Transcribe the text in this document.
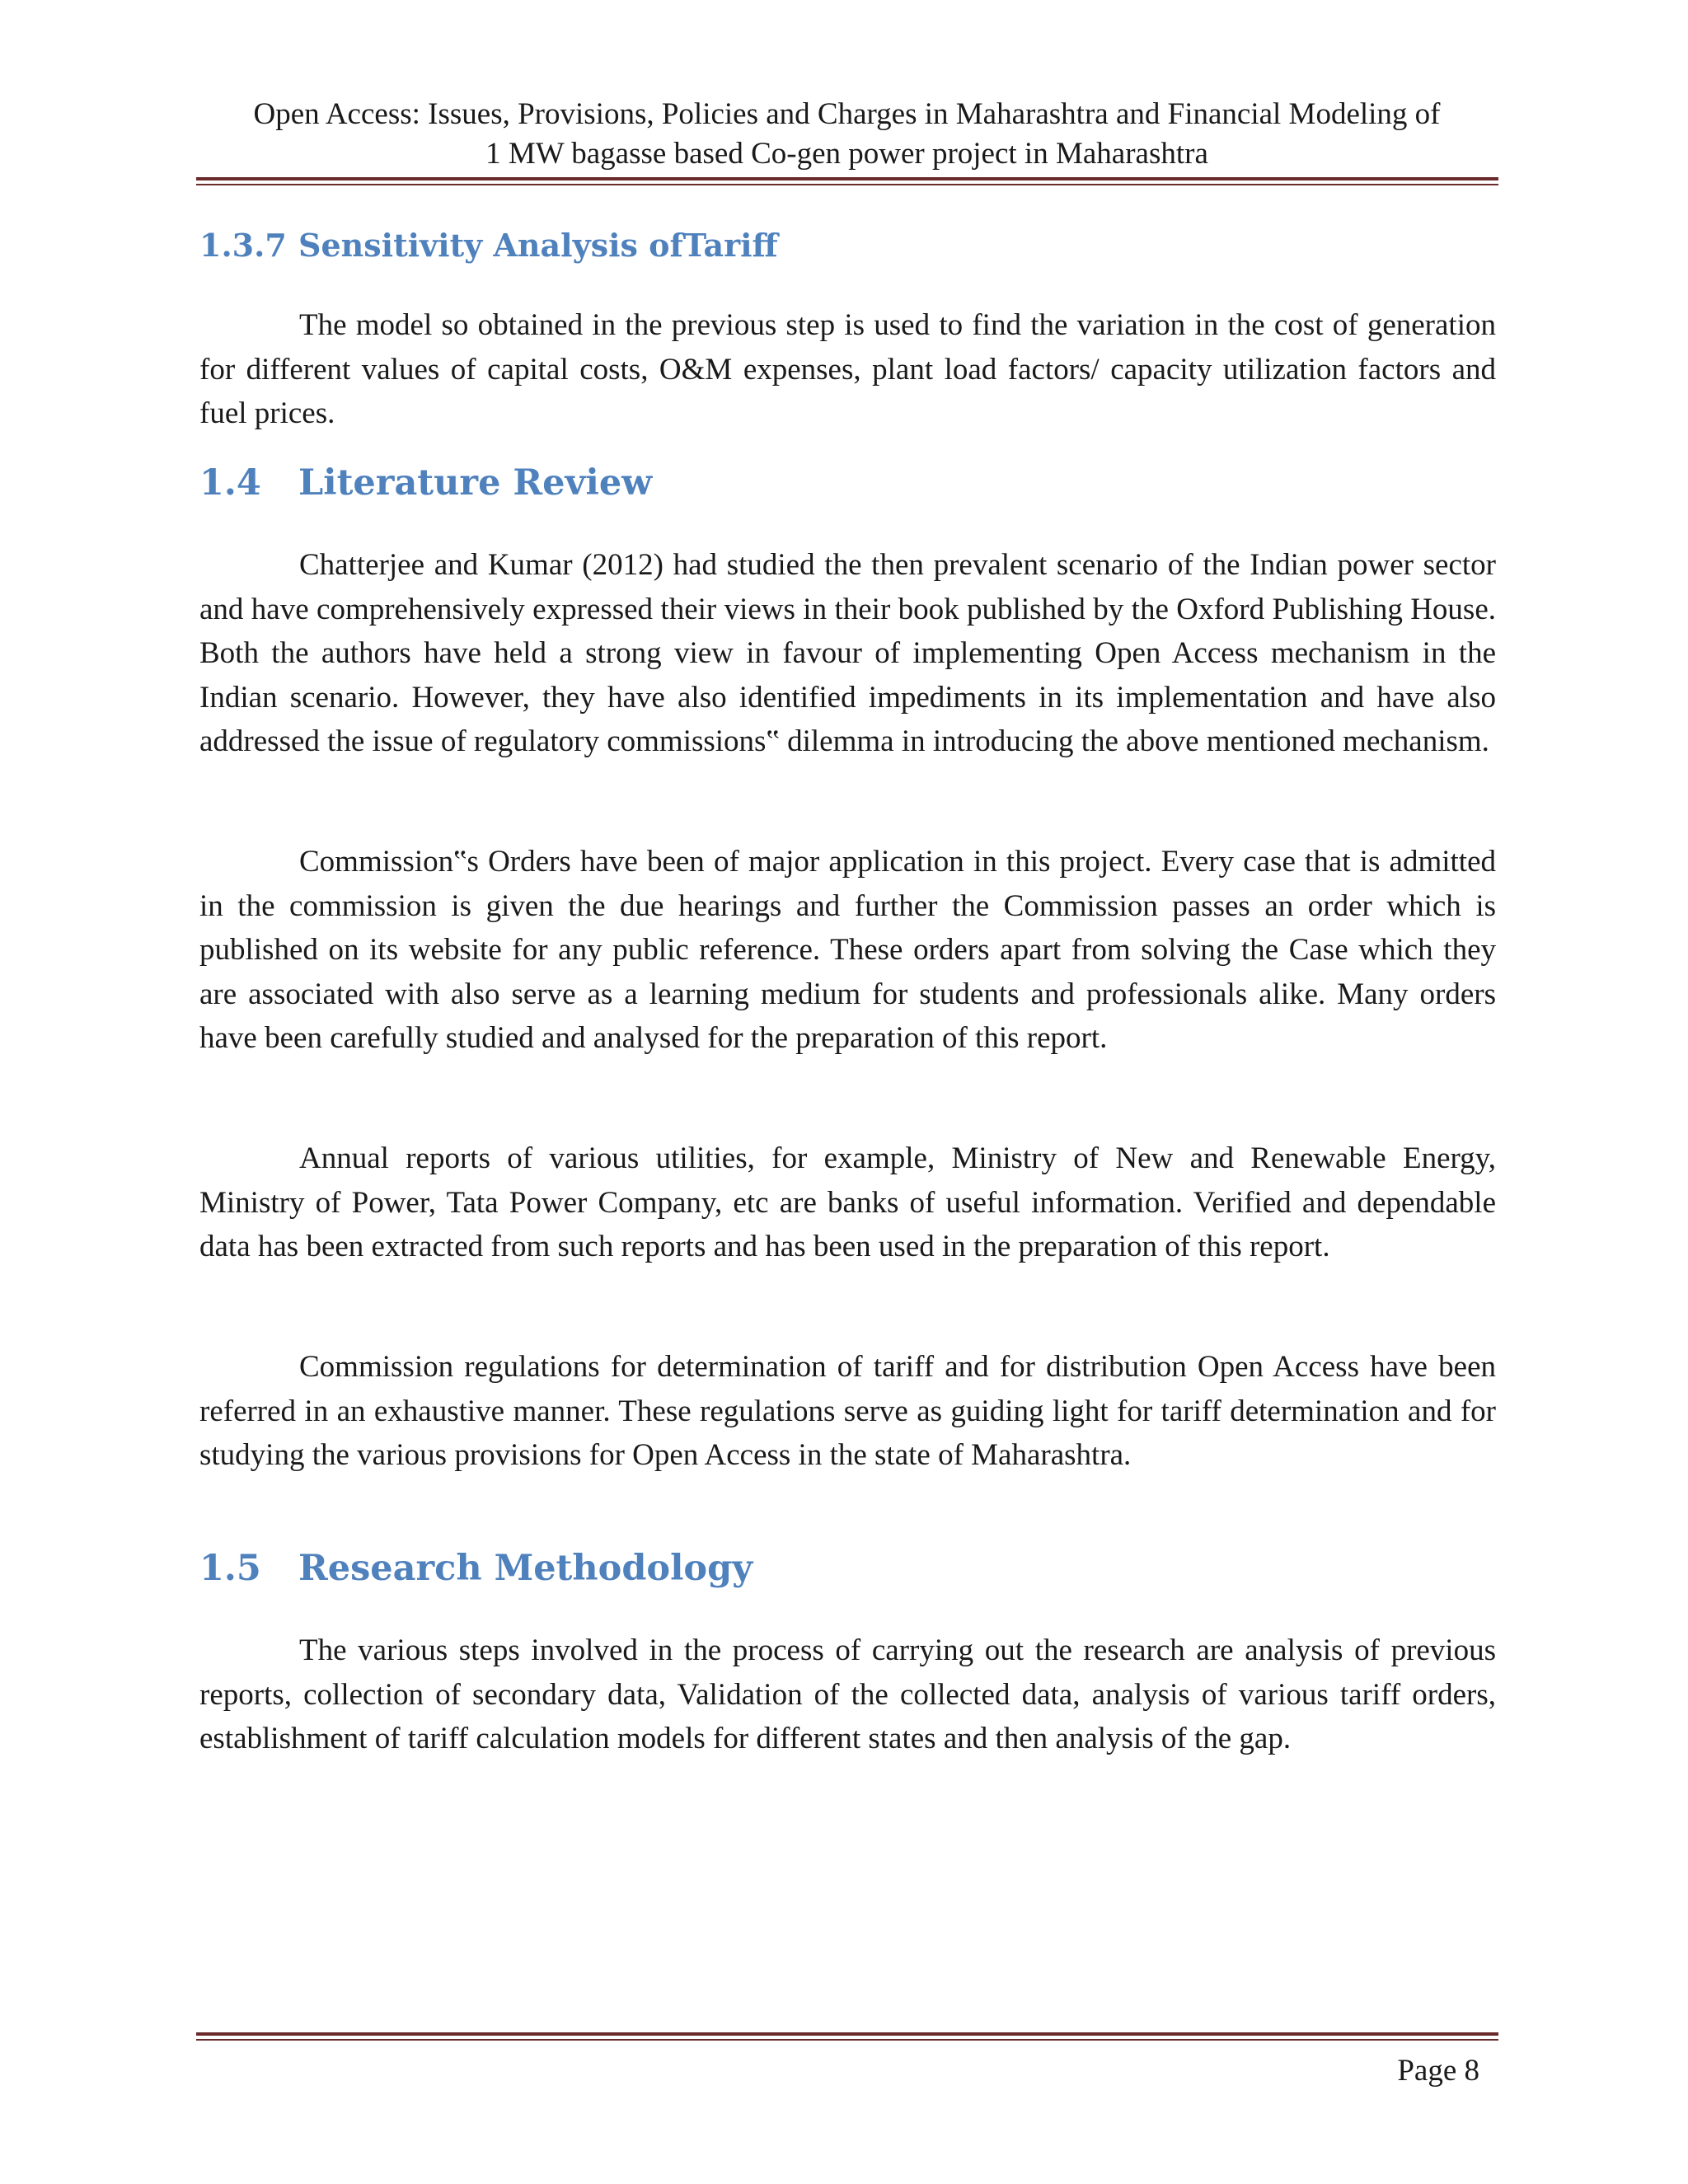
Open Access: Issues, Provisions, Policies and Charges in Maharashtra and Financial Modeling of
1 MW bagasse based Co-gen power project in Maharashtra
1.3.7 Sensitivity Analysis ofTariff

The model so obtained in the previous step is used to find the variation in the cost of generation for different values of capital costs, O&M expenses, plant load factors/ capacity utilization factors and fuel prices.

1.4 Literature Review

Chatterjee and Kumar (2012) had studied the then prevalent scenario of the Indian power sector and have comprehensively expressed their views in their book published by the Oxford Publishing House. Both the authors have held a strong view in favour of implementing Open Access mechanism in the Indian scenario. However, they have also identified impediments in its implementation and have also addressed the issue of regulatory commissions‟ dilemma in introducing the above mentioned mechanism.

Commission‟s Orders have been of major application in this project. Every case that is admitted in the commission is given the due hearings and further the Commission passes an order which is published on its website for any public reference. These orders apart from solving the Case which they are associated with also serve as a learning medium for students and professionals alike. Many orders have been carefully studied and analysed for the preparation of this report.

Annual reports of various utilities, for example, Ministry of New and Renewable Energy, Ministry of Power, Tata Power Company, etc are banks of useful information. Verified and dependable data has been extracted from such reports and has been used in the preparation of this report.

Commission regulations for determination of tariff and for distribution Open Access have been referred in an exhaustive manner. These regulations serve as guiding light for tariff determination and for studying the various provisions for Open Access in the state of Maharashtra.

1.5 Research Methodology

The various steps involved in the process of carrying out the research are analysis of previous reports, collection of secondary data, Validation of the collected data, analysis of various tariff orders, establishment of tariff calculation models for different states and then analysis of the gap.

Page 8
